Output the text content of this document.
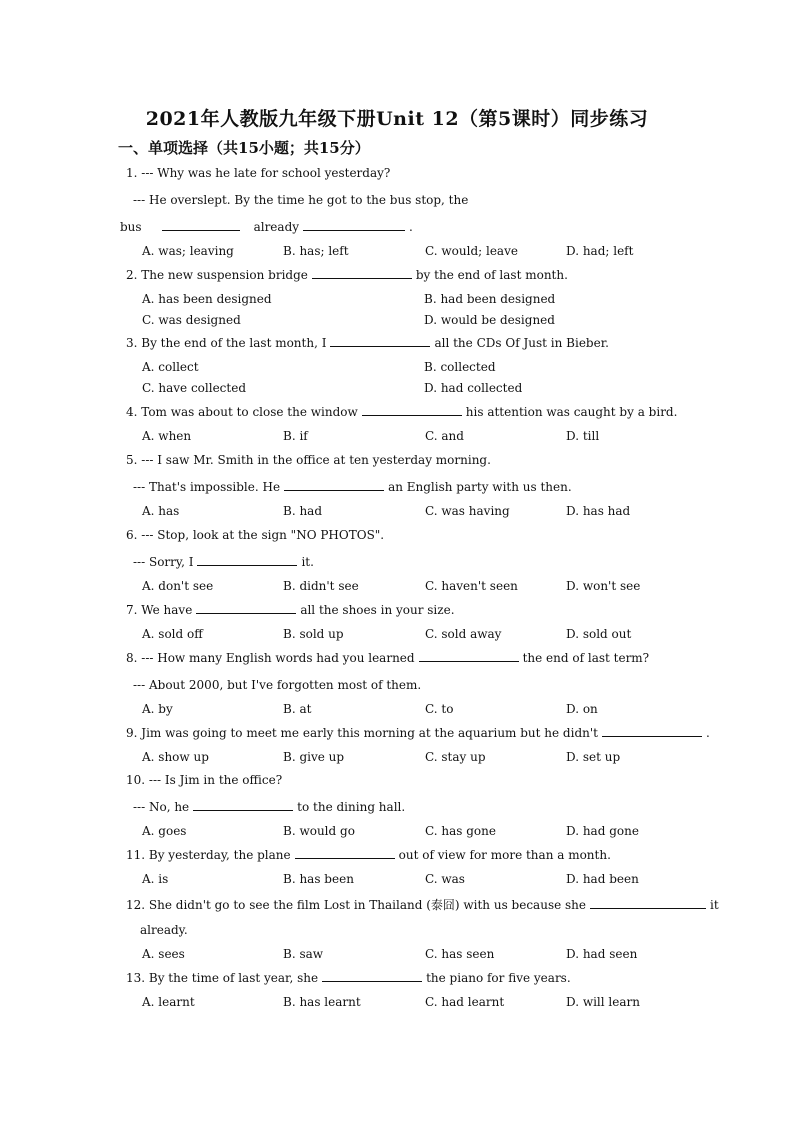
2021年人教版九年级下册Unit 12（第5课时）同步练习
一、单项选择（共15小题；共15分）

1. --- Why was he late for school yesterday?

--- He overslept. By the time he got to the bus stop, the

bus	already	.

A. was; leaving	B. has; left	C. would; leave	D. had; left

2. The new suspension bridge	by the end of last month.

A. has been designed	B. had been designed

C. was designed	D. would be designed

3. By the end of the last month, I	all the CDs Of Just in Bieber.

A. collect	B. collected

C. have collected	D. had collected

4. Tom was about to close the window	his attention was caught by a bird.

A. when	B. if	C. and	D. till

5. --- I saw Mr. Smith in the office at ten yesterday morning.

--- That's impossible. He	an English party with us then.

A. has	B. had	C. was having	D. has had

6. --- Stop, look at the sign "NO PHOTOS".

--- Sorry, I	it.

A. don't see	B. didn't see	C. haven't seen	D. won't see

7. We have	all the shoes in your size.

A. sold off	B. sold up	C. sold away	D. sold out

8. --- How many English words had you learned	the end of last term?

--- About 2000, but I've forgotten most of them.

A. by	B. at	C. to	D. on

9. Jim was going to meet me early this morning at the aquarium but he didn't	.

A. show up	B. give up	C. stay up	D. set up

10. --- Is Jim in the office?

--- No, he	to the dining hall.

A. goes	B. would go	C. has gone	D. had gone

11. By yesterday, the plane	out of view for more than a month.

A. is	B. has been	C. was	D. had been

12. She didn't go to see the film Lost in Thailand (泰囧) with us because she	it

already.

A. sees	B. saw	C. has seen	D. had seen

13. By the time of last year, she	the piano for five years.

A. learnt	B. has learnt	C. had learnt	D. will learn
